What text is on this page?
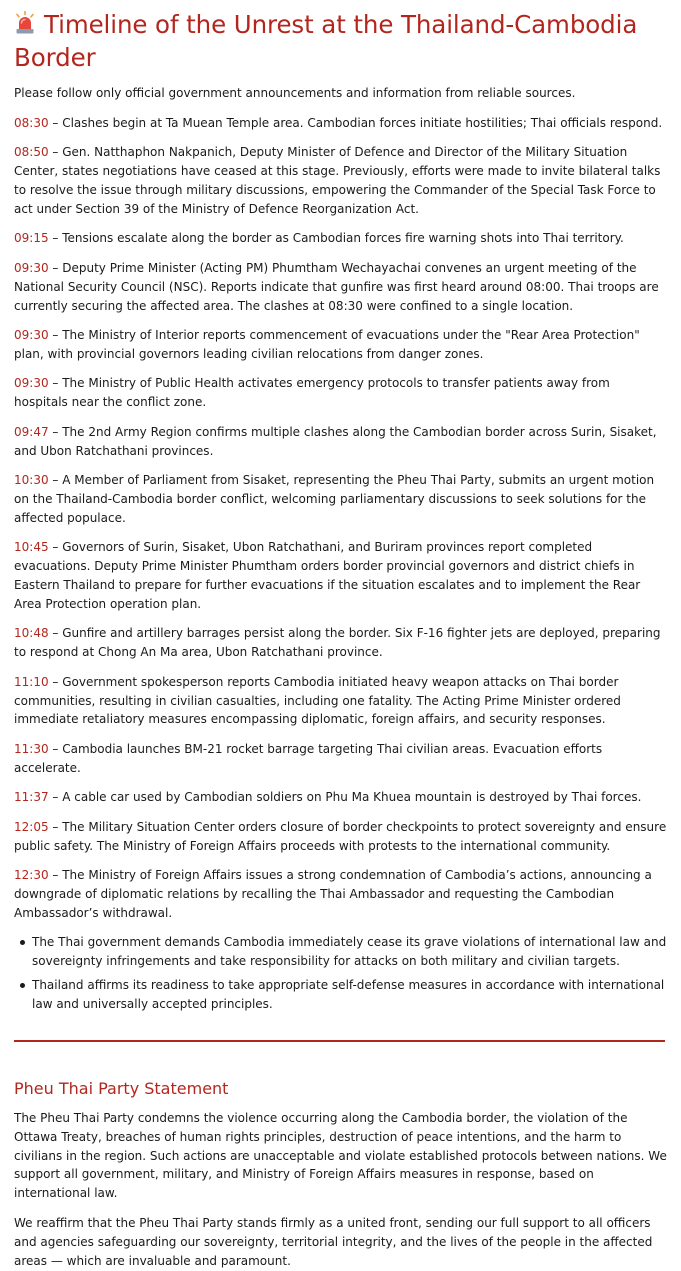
Timeline of the Unrest at the Thailand-Cambodia Border

Please follow only official government announcements and information from reliable sources.

08:30 – Clashes begin at Ta Muean Temple area. Cambodian forces initiate hostilities; Thai officials respond.

08:50 – Gen. Natthaphon Nakpanich, Deputy Minister of Defence and Director of the Military Situation Center, states negotiations have ceased at this stage. Previously, efforts were made to invite bilateral talks to resolve the issue through military discussions, empowering the Commander of the Special Task Force to act under Section 39 of the Ministry of Defence Reorganization Act.

09:15 – Tensions escalate along the border as Cambodian forces fire warning shots into Thai territory.

09:30 – Deputy Prime Minister (Acting PM) Phumtham Wechayachai convenes an urgent meeting of the National Security Council (NSC). Reports indicate that gunfire was first heard around 08:00. Thai troops are currently securing the affected area. The clashes at 08:30 were confined to a single location.

09:30 – The Ministry of Interior reports commencement of evacuations under the "Rear Area Protection" plan, with provincial governors leading civilian relocations from danger zones.

09:30 – The Ministry of Public Health activates emergency protocols to transfer patients away from hospitals near the conflict zone.

09:47 – The 2nd Army Region confirms multiple clashes along the Cambodian border across Surin, Sisaket, and Ubon Ratchathani provinces.

10:30 – A Member of Parliament from Sisaket, representing the Pheu Thai Party, submits an urgent motion on the Thailand-Cambodia border conflict, welcoming parliamentary discussions to seek solutions for the affected populace.

10:45 – Governors of Surin, Sisaket, Ubon Ratchathani, and Buriram provinces report completed evacuations. Deputy Prime Minister Phumtham orders border provincial governors and district chiefs in Eastern Thailand to prepare for further evacuations if the situation escalates and to implement the Rear Area Protection operation plan.

10:48 – Gunfire and artillery barrages persist along the border. Six F-16 fighter jets are deployed, preparing to respond at Chong An Ma area, Ubon Ratchathani province.

11:10 – Government spokesperson reports Cambodia initiated heavy weapon attacks on Thai border communities, resulting in civilian casualties, including one fatality. The Acting Prime Minister ordered immediate retaliatory measures encompassing diplomatic, foreign affairs, and security responses.

11:30 – Cambodia launches BM-21 rocket barrage targeting Thai civilian areas. Evacuation efforts accelerate.

11:37 – A cable car used by Cambodian soldiers on Phu Ma Khuea mountain is destroyed by Thai forces.

12:05 – The Military Situation Center orders closure of border checkpoints to protect sovereignty and ensure public safety. The Ministry of Foreign Affairs proceeds with protests to the international community.

12:30 – The Ministry of Foreign Affairs issues a strong condemnation of Cambodia’s actions, announcing a downgrade of diplomatic relations by recalling the Thai Ambassador and requesting the Cambodian Ambassador’s withdrawal.

The Thai government demands Cambodia immediately cease its grave violations of international law and sovereignty infringements and take responsibility for attacks on both military and civilian targets.
Thailand affirms its readiness to take appropriate self-defense measures in accordance with international law and universally accepted principles.
Pheu Thai Party Statement

The Pheu Thai Party condemns the violence occurring along the Cambodia border, the violation of the Ottawa Treaty, breaches of human rights principles, destruction of peace intentions, and the harm to civilians in the region. Such actions are unacceptable and violate established protocols between nations. We support all government, military, and Ministry of Foreign Affairs measures in response, based on international law.

We reaffirm that the Pheu Thai Party stands firmly as a united front, sending our full support to all officers and agencies safeguarding our sovereignty, territorial integrity, and the lives of the people in the affected areas — which are invaluable and paramount.
